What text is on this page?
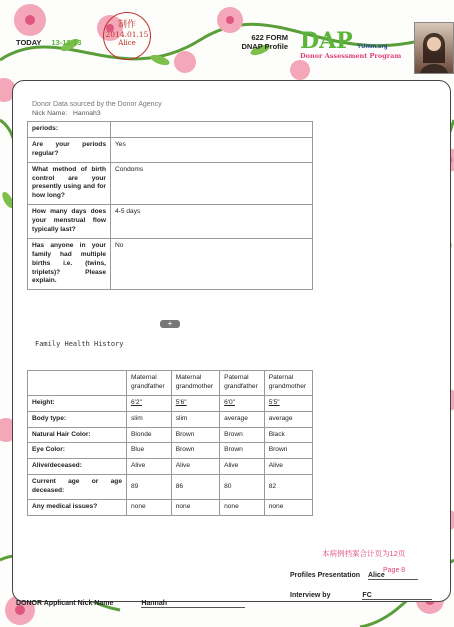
TODAY 13-12-13
制作
2014.01.15
Alice
622 FORM
DNAP Profile DAP YUmm.org
Donor Assessment Program
Donor Data sourced by the Donor Agency
Nick Name: Hannah3
periods:	
Are your periods regular?	Yes
What method of birth control are your presently using and for how long?	Condoms
How many days does your menstrual flow typically last?	4-5 days
Has anyone in your family had multiple births i.e. (twins, triplets)? Please explain.	No
+
Family Health History
	Maternal grandfather	Maternal grandmother	Paternal grandfather	Paternal grandmother
Height:	6'2"	5'6"	6'0"	5'5"
Body type:	slim	slim	average	average
Natural Hair Color:	Blonde	Brown	Brown	Black
Eye Color:	Blue	Brown	Brown	Brown
Alive/deceased:	Alive	Alive	Alive	Alive
Current age or age deceased:	89	86	80	82
Any medical issues?	none	none	none	none
本病例档案合计页为12页
Profiles Presentation Alice
Page 8
Interview by	FC
DONOR Applicant Nick Name	Hannah
